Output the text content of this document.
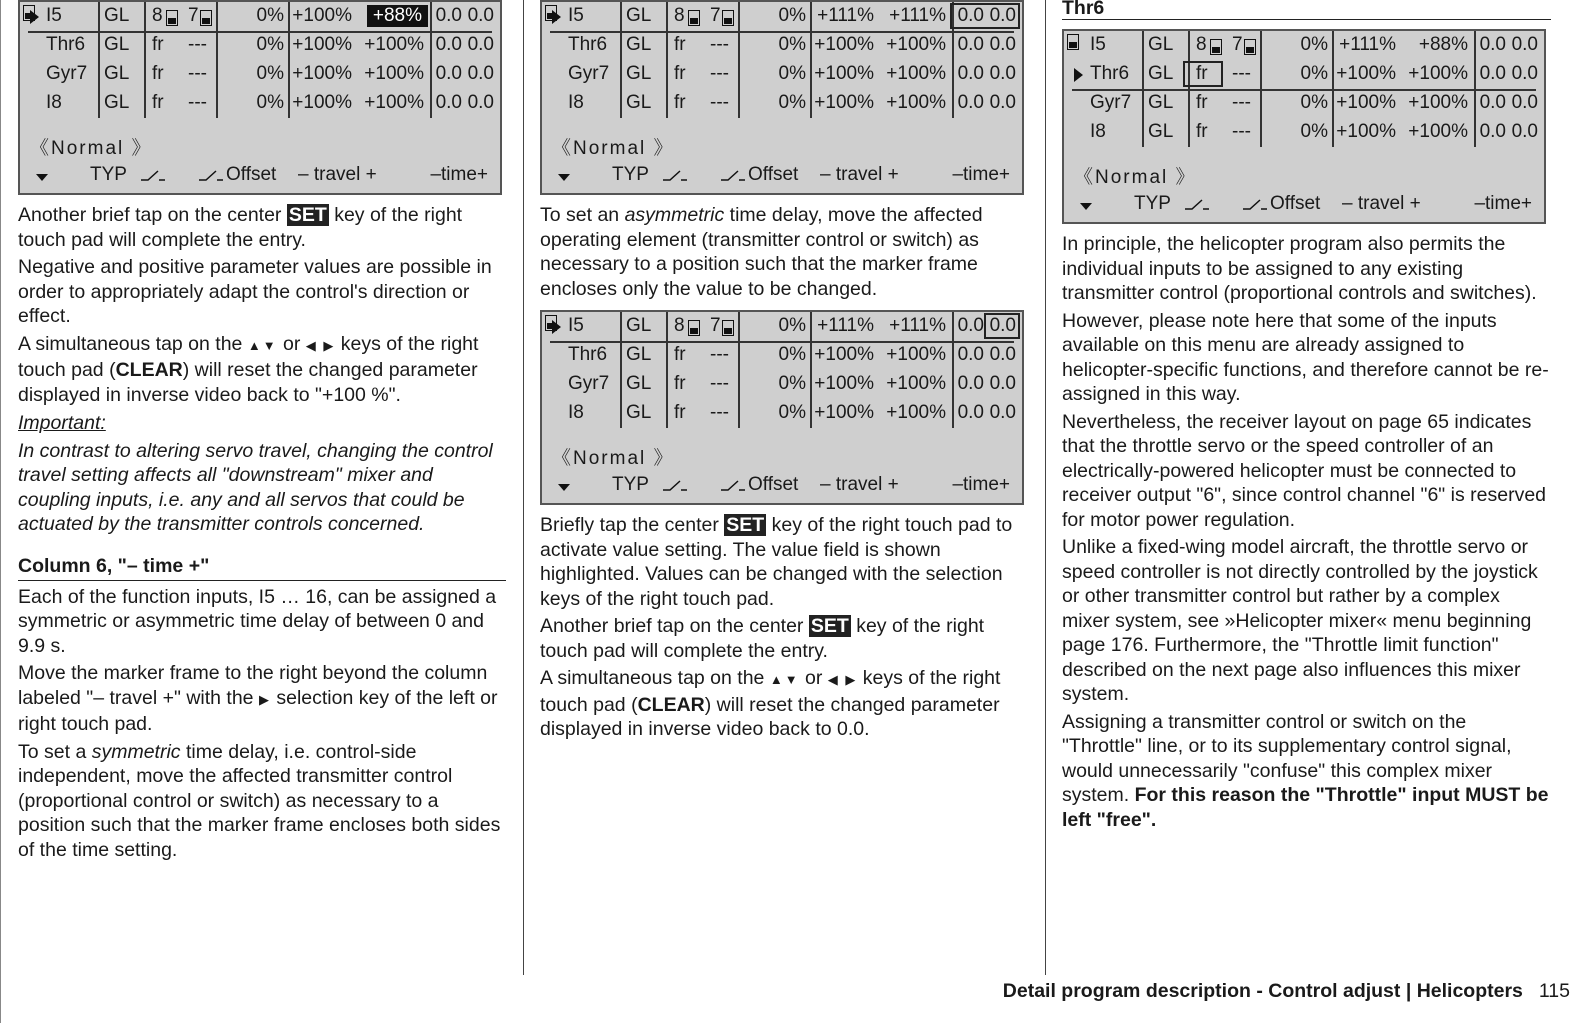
I5 GL 8 7	0% +100%	+88% 0.0 0.0
Thr6 GL fr ---	0% +100% +100% 0.0 0.0
Gyr7 GL fr ---	0% +100% +100% 0.0 0.0
I8 GL fr ---	0% +100% +100% 0.0 0.0
《Normal 》
TYP	Offset – travel +	–time+

Another brief tap on the center SET key of the right touch pad will complete the entry.

Negative and positive parameter values are possible in order to appropriately adapt the control's direction or effect.

A simultaneous tap on the ▲▼ or ◀ ▶ keys of the right touch pad (CLEAR) will reset the changed parameter displayed in inverse video back to "+100 %".

Important:

In contrast to altering servo travel, changing the control travel setting affects all "downstream" mixer and coupling inputs, i.e. any and all servos that could be actuated by the transmitter controls concerned.

Column 6, "– time +"

Each of the function inputs, I5 … 16, can be assigned a symmetric or asymmetric time delay of between 0 and 9.9 s.

Move the marker frame to the right beyond the column labeled "– travel +" with the ▶ selection key of the left or right touch pad.

To set a symmetric time delay, i.e. control-side independent, move the affected transmitter control (proportional control or switch) as necessary to a position such that the marker frame encloses both sides of the time setting.

I5 GL 8 7	0% +111% +111% 0.0 0.0
Thr6 GL fr ---	0% +100% +100% 0.0 0.0
Gyr7 GL fr ---	0% +100% +100% 0.0 0.0
I8 GL fr ---	0% +100% +100% 0.0 0.0
《Normal 》
TYP	Offset – travel +	–time+

To set an asymmetric time delay, move the affected operating element (transmitter control or switch) as necessary to a position such that the marker frame encloses only the value to be changed.

I5 GL 8 7	0% +111% +111% 0.0 0.0
Thr6 GL fr ---	0% +100% +100% 0.0 0.0
Gyr7 GL fr ---	0% +100% +100% 0.0 0.0
I8 GL fr ---	0% +100% +100% 0.0 0.0
《Normal 》
TYP	Offset – travel +	–time+

Briefly tap the center SET key of the right touch pad to activate value setting. The value field is shown highlighted. Values can be changed with the selection keys of the right touch pad.

Another brief tap on the center SET key of the right touch pad will complete the entry.

A simultaneous tap on the ▲▼ or ◀ ▶ keys of the right touch pad (CLEAR) will reset the changed parameter displayed in inverse video back to 0.0.

Thr6
I5 GL 8 7	0% +111% +88% 0.0 0.0
Thr6 GL fr ---	0% +100% +100% 0.0 0.0
Gyr7 GL fr ---	0% +100% +100% 0.0 0.0
I8 GL fr ---	0% +100% +100% 0.0 0.0
《Normal 》
TYP	Offset – travel +	–time+

In principle, the helicopter program also permits the individual inputs to be assigned to any existing transmitter control (proportional controls and switches).

However, please note here that some of the inputs available on this menu are already assigned to helicopter-specific functions, and therefore cannot be re-assigned in this way.

Nevertheless, the receiver layout on page 65 indicates that the throttle servo or the speed controller of an electrically-powered helicopter must be connected to receiver output "6", since control channel "6" is reserved for motor power regulation.

Unlike a fixed-wing model aircraft, the throttle servo or speed controller is not directly controlled by the joystick or other transmitter control but rather by a complex mixer system, see »Helicopter mixer« menu beginning page 176. Furthermore, the "Throttle limit function" described on the next page also influences this mixer system.

Assigning a transmitter control or switch on the "Throttle" line, or to its supplementary control signal, would unnecessarily "confuse" this complex mixer system. For this reason the "Throttle" input MUST be left "free".

Detail program description - Control adjust | Helicopters 115
